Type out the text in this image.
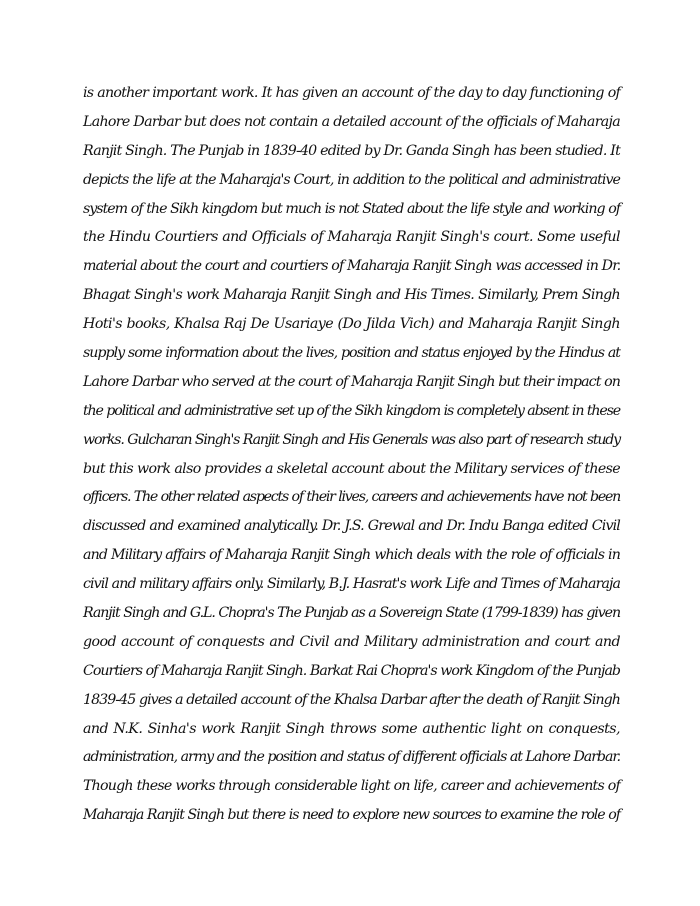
is another important work. It has given an account of the day to day functioning of
Lahore Darbar but does not contain a detailed account of the officials of Maharaja
Ranjit Singh. The Punjab in 1839-40 edited by Dr. Ganda Singh has been studied. It
depicts the life at the Maharaja's Court, in addition to the political and administrative
system of the Sikh kingdom but much is not Stated about the life style and working of
the Hindu Courtiers and Officials of Maharaja Ranjit Singh's court. Some useful
material about the court and courtiers of Maharaja Ranjit Singh was accessed in Dr.
Bhagat Singh's work Maharaja Ranjit Singh and His Times. Similarly, Prem Singh
Hoti's books, Khalsa Raj De Usariaye (Do Jilda Vich) and Maharaja Ranjit Singh
supply some information about the lives, position and status enjoyed by the Hindus at
Lahore Darbar who served at the court of Maharaja Ranjit Singh but their impact on
the political and administrative set up of the Sikh kingdom is completely absent in these
works. Gulcharan Singh's Ranjit Singh and His Generals was also part of research study
but this work also provides a skeletal account about the Military services of these
officers. The other related aspects of their lives, careers and achievements have not been
discussed and examined analytically. Dr. J.S. Grewal and Dr. Indu Banga edited Civil
and Military affairs of Maharaja Ranjit Singh which deals with the role of officials in
civil and military affairs only. Similarly, B.J. Hasrat's work Life and Times of Maharaja
Ranjit Singh and G.L. Chopra's The Punjab as a Sovereign State (1799-1839) has given
good account of conquests and Civil and Military administration and court and
Courtiers of Maharaja Ranjit Singh. Barkat Rai Chopra's work Kingdom of the Punjab
1839-45 gives a detailed account of the Khalsa Darbar after the death of Ranjit Singh
and N.K. Sinha's work Ranjit Singh throws some authentic light on conquests,
administration, army and the position and status of different officials at Lahore Darbar.
Though these works through considerable light on life, career and achievements of
Maharaja Ranjit Singh but there is need to explore new sources to examine the role of
